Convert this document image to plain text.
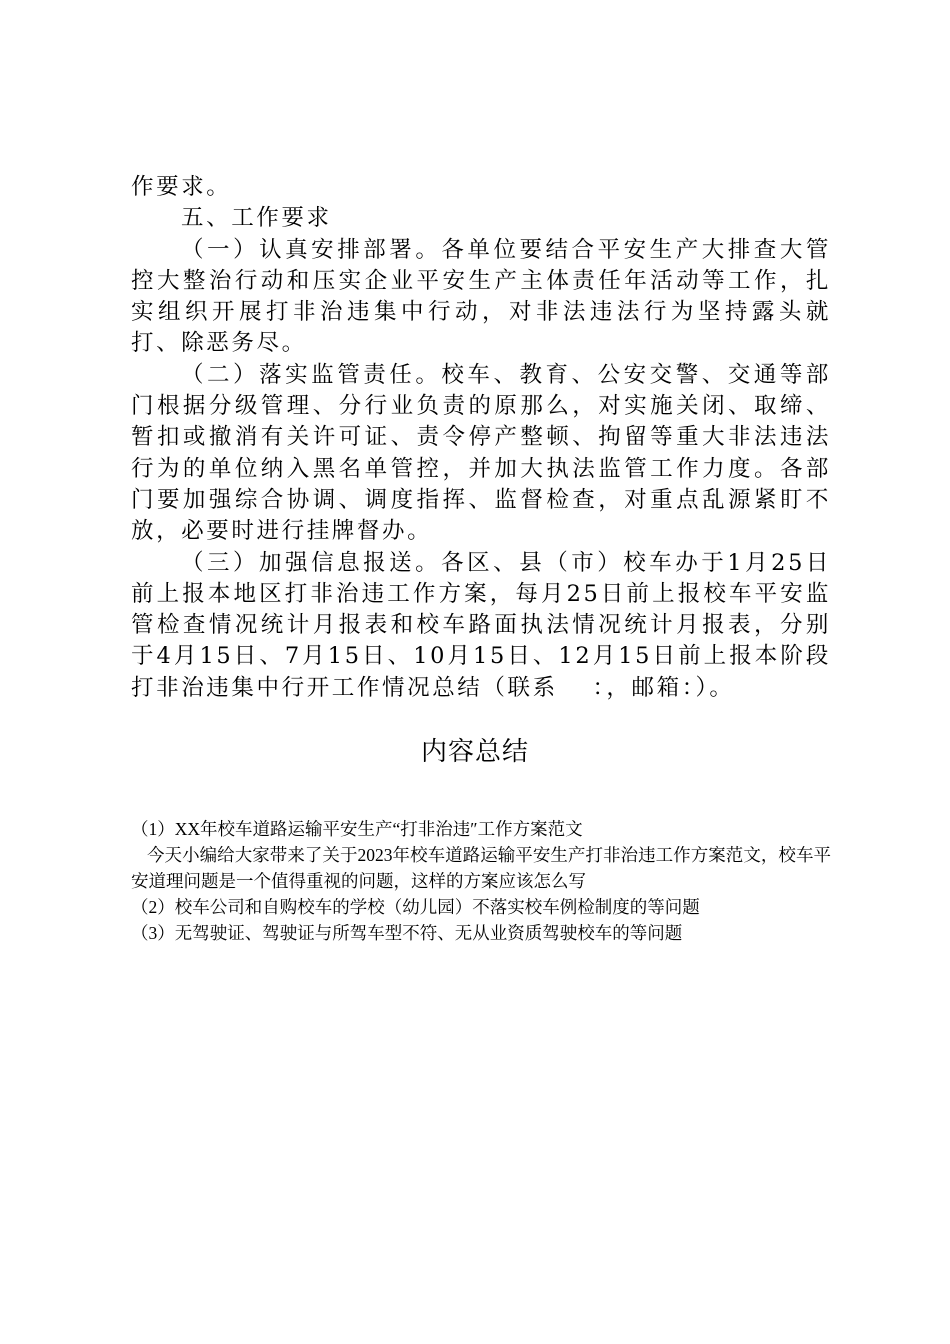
作要求。

五、工作要求

（一）认真安排部署。各单位要结合平安生产大排查大管控大整治行动和压实企业平安生产主体责任年活动等工作，扎实组织开展打非治违集中行动，对非法违法行为坚持露头就打、除恶务尽。

（二）落实监管责任。校车、教育、公安交警、交通等部门根据分级管理、分行业负责的原那么，对实施关闭、取缔、暂扣或撤消有关许可证、责令停产整顿、拘留等重大非法违法行为的单位纳入黑名单管控，并加大执法监管工作力度。各部门要加强综合协调、调度指挥、监督检查，对重点乱源紧盯不放，必要时进行挂牌督办。

（三）加强信息报送。各区、县（市）校车办于1月25日前上报本地区打非治违工作方案，每月25日前上报校车平安监管检查情况统计月报表和校车路面执法情况统计月报表，分别于4月15日、7月15日、10月15日、12月15日前上报本阶段打非治违集中行开工作情况总结（联系　 ：，邮箱：）。

内容总结

（1）XX年校车道路运输平安生产“打非治违″工作方案范文

今天小编给大家带来了关于2023年校车道路运输平安生产打非治违工作方案范文，校车平安道理问题是一个值得重视的问题，这样的方案应该怎么写

（2）校车公司和自购校车的学校（幼儿园）不落实校车例检制度的等问题

（3）无驾驶证、驾驶证与所驾车型不符、无从业资质驾驶校车的等问题
